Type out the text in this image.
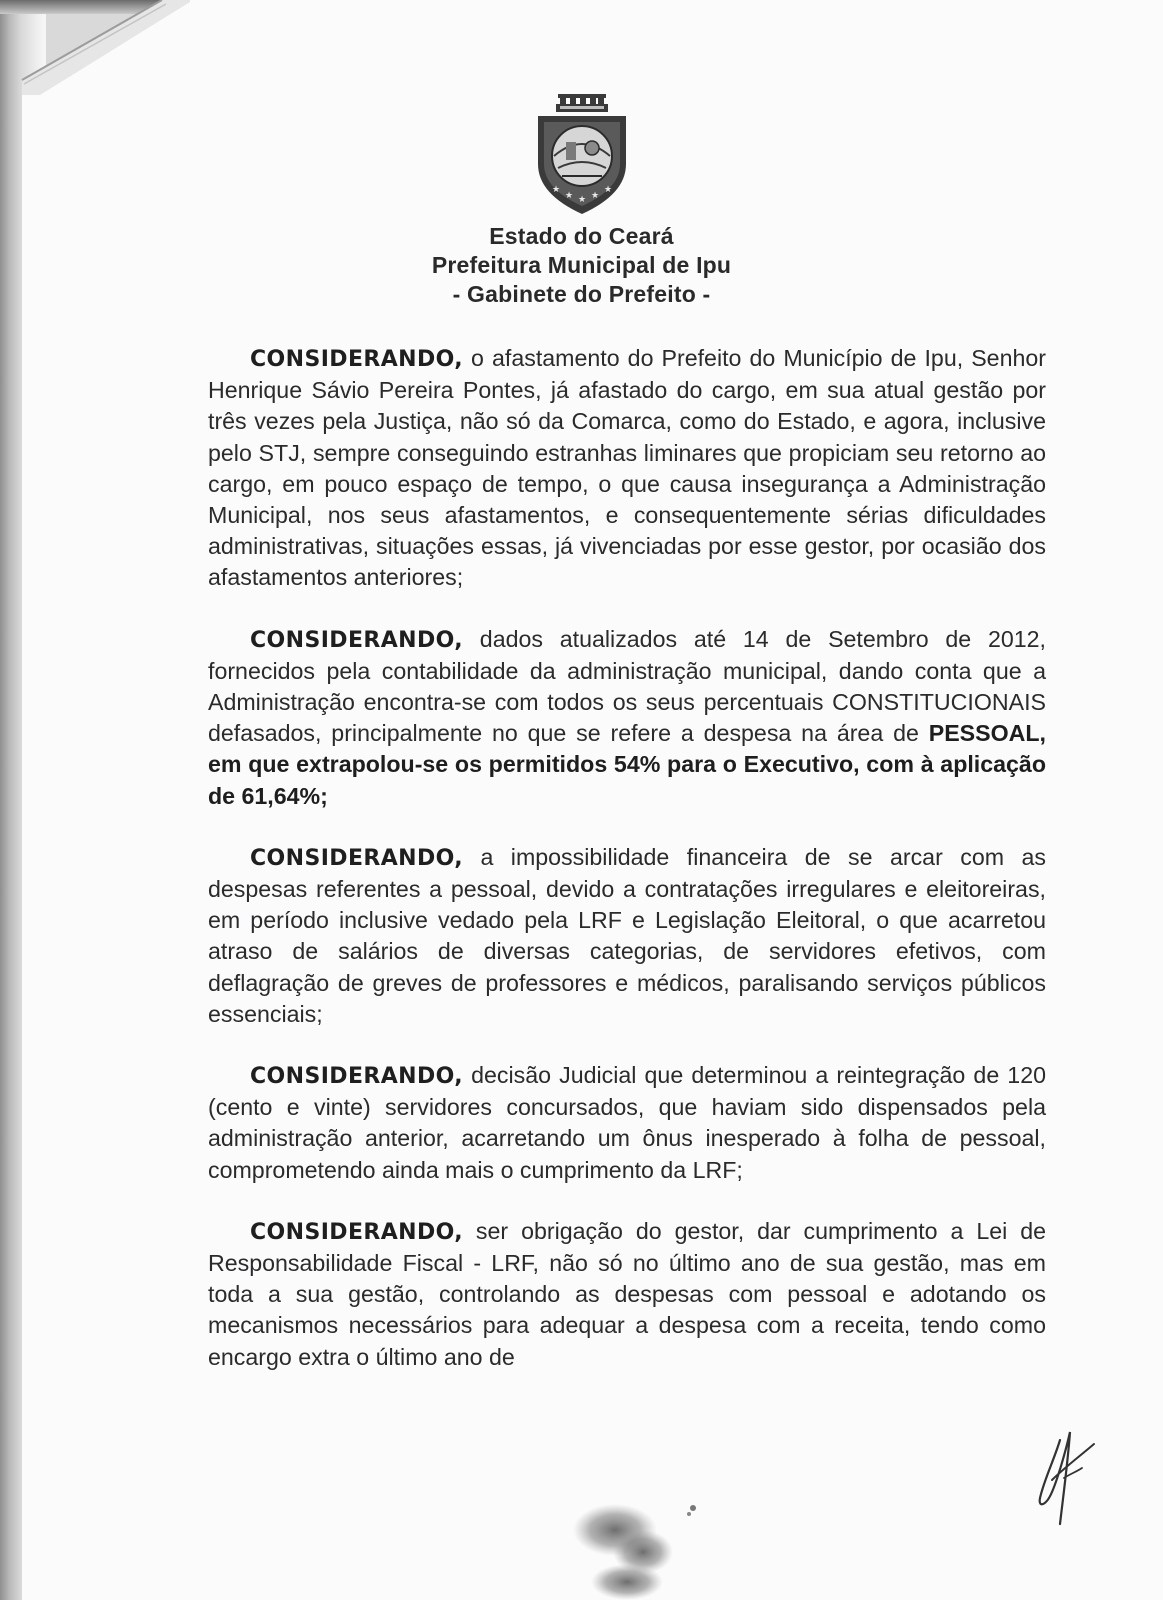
★
★ ★ ★
★

Estado do Ceará

Prefeitura Municipal de Ipu

- Gabinete do Prefeito -

CONSIDERANDO, o afastamento do Prefeito do Município de Ipu, Senhor Henrique Sávio Pereira Pontes, já afastado do cargo, em sua atual gestão por três vezes pela Justiça, não só da Comarca, como do Estado, e agora, inclusive pelo STJ, sempre conseguindo estranhas liminares que propiciam seu retorno ao cargo, em pouco espaço de tempo, o que causa insegurança a Administração Municipal, nos seus afastamentos, e consequentemente sérias dificuldades administrativas, situações essas, já vivenciadas por esse gestor, por ocasião dos afastamentos anteriores;

CONSIDERANDO, dados atualizados até 14 de Setembro de 2012, fornecidos pela contabilidade da administração municipal, dando conta que a Administração encontra-se com todos os seus percentuais CONSTITUCIONAIS defasados, principalmente no que se refere a despesa na área de PESSOAL, em que extrapolou-se os permitidos 54% para o Executivo, com à aplicação de 61,64%;

CONSIDERANDO, a impossibilidade financeira de se arcar com as despesas referentes a pessoal, devido a contratações irregulares e eleitoreiras, em período inclusive vedado pela LRF e Legislação Eleitoral, o que acarretou atraso de salários de diversas categorias, de servidores efetivos, com deflagração de greves de professores e médicos, paralisando serviços públicos essenciais;

CONSIDERANDO, decisão Judicial que determinou a reintegração de 120 (cento e vinte) servidores concursados, que haviam sido dispensados pela administração anterior, acarretando um ônus inesperado à folha de pessoal, comprometendo ainda mais o cumprimento da LRF;

CONSIDERANDO, ser obrigação do gestor, dar cumprimento a Lei de Responsabilidade Fiscal - LRF, não só no último ano de sua gestão, mas em toda a sua gestão, controlando as despesas com pessoal e adotando os mecanismos necessários para adequar a despesa com a receita, tendo como encargo extra o último ano de
